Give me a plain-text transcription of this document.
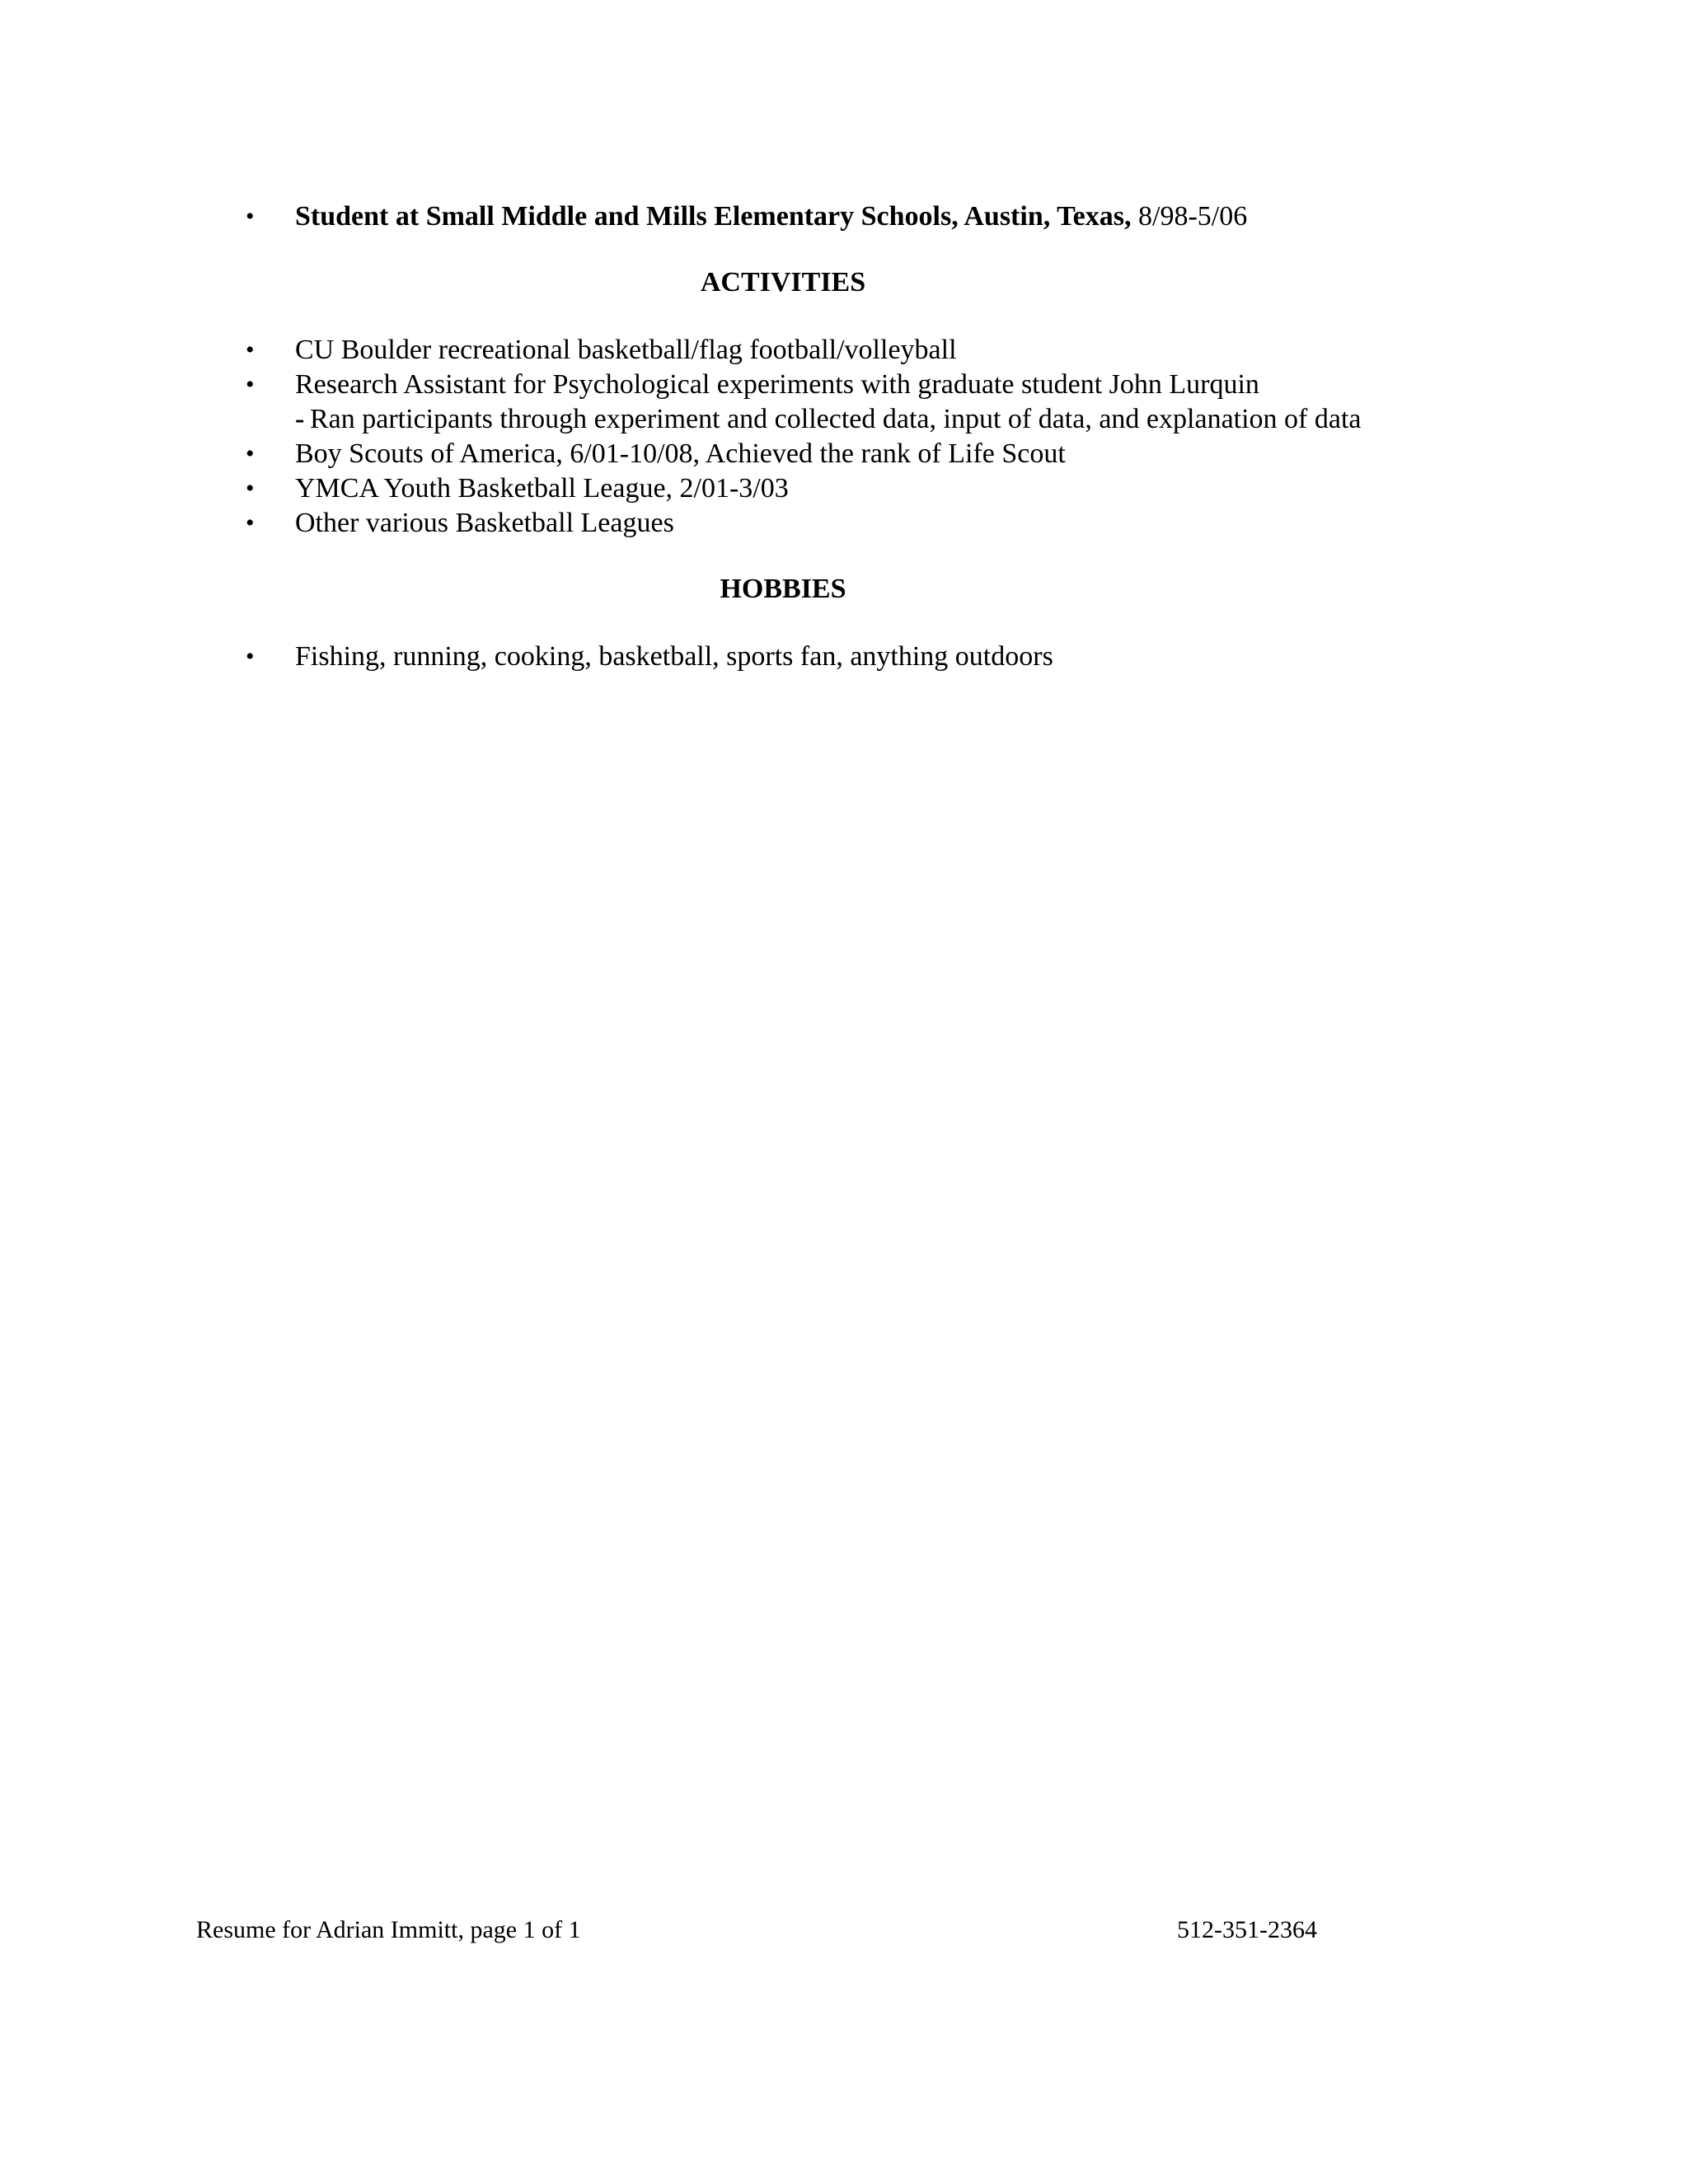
• Student at Small Middle and Mills Elementary Schools, Austin, Texas, 8/98-5/06
ACTIVITIES
• CU Boulder recreational basketball/flag football/volleyball
• Research Assistant for Psychological experiments with graduate student John Lurquin
- Ran participants through experiment and collected data, input of data, and explanation of data
• Boy Scouts of America, 6/01-10/08, Achieved the rank of Life Scout
• YMCA Youth Basketball League, 2/01-3/03
• Other various Basketball Leagues
HOBBIES
• Fishing, running, cooking, basketball, sports fan, anything outdoors
Resume for Adrian Immitt, page 1 of 1	512-351-2364
